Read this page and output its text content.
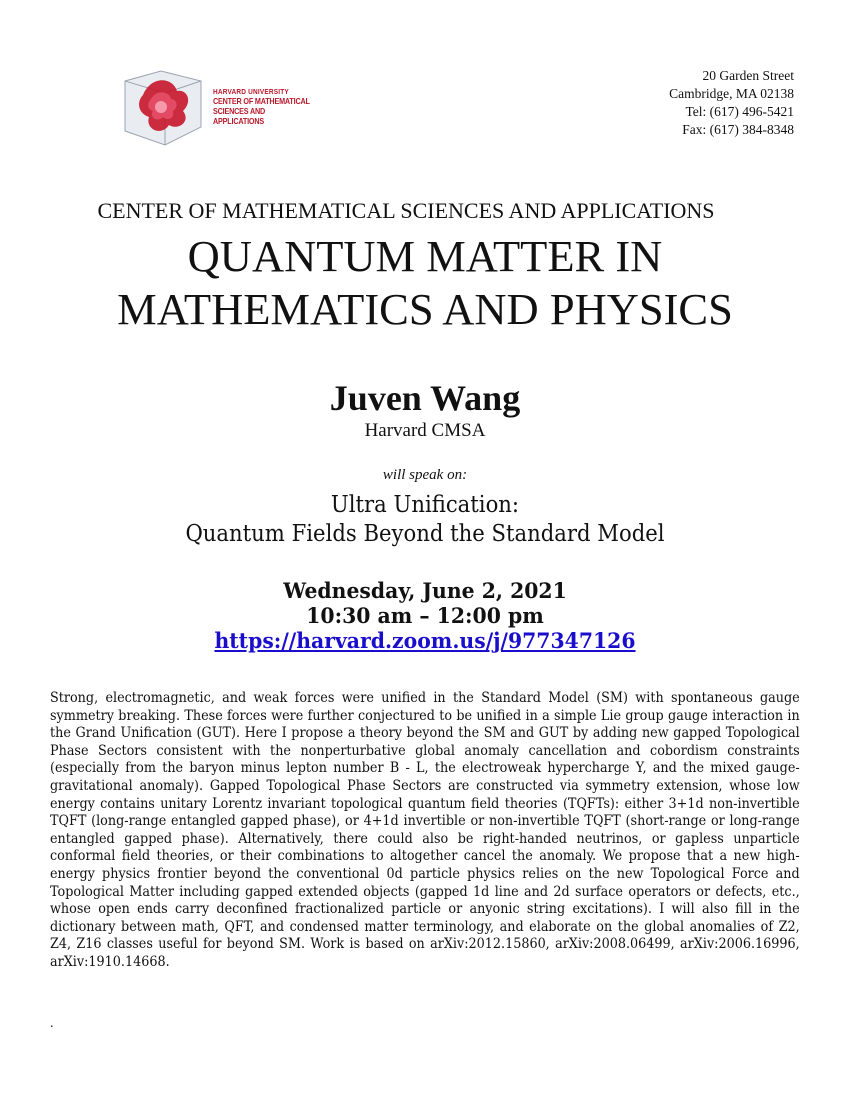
HARVARD UNIVERSITY
CENTER OF MATHEMATICAL
SCIENCES AND APPLICATIONS
20 Garden Street
Cambridge, MA 02138
Tel: (617) 496-5421
Fax: (617) 384-8348
CENTER OF MATHEMATICAL SCIENCES AND APPLICATIONS
QUANTUM MATTER IN
MATHEMATICS AND PHYSICS
Juven Wang
Harvard CMSA
will speak on:
Ultra Unification:
Quantum Fields Beyond the Standard Model
Wednesday, June 2, 2021
10:30 am – 12:00 pm
https://harvard.zoom.us/j/977347126
Strong, electromagnetic, and weak forces were unified in the Standard Model (SM) with spontaneous gauge symmetry breaking. These forces were further conjectured to be unified in a simple Lie group gauge interaction in the Grand Unification (GUT). Here I propose a theory beyond the SM and GUT by adding new gapped Topological Phase Sectors consistent with the nonperturbative global anomaly cancellation and cobordism constraints (especially from the baryon minus lepton number B - L, the electroweak hypercharge Y, and the mixed gauge-gravitational anomaly). Gapped Topological Phase Sectors are constructed via symmetry extension, whose low energy contains unitary Lorentz invariant topological quantum field theories (TQFTs): either 3+1d non-invertible TQFT (long-range entangled gapped phase), or 4+1d invertible or non-invertible TQFT (short-range or long-range entangled gapped phase). Alternatively, there could also be right-handed neutrinos, or gapless unparticle conformal field theories, or their combinations to altogether cancel the anomaly. We propose that a new high-energy physics frontier beyond the conventional 0d particle physics relies on the new Topological Force and Topological Matter including gapped extended objects (gapped 1d line and 2d surface operators or defects, etc., whose open ends carry deconfined fractionalized particle or anyonic string excitations). I will also fill in the dictionary between math, QFT, and condensed matter terminology, and elaborate on the global anomalies of Z2, Z4, Z16 classes useful for beyond SM. Work is based on arXiv:2012.15860, arXiv:2008.06499, arXiv:2006.16996, arXiv:1910.14668.
.
